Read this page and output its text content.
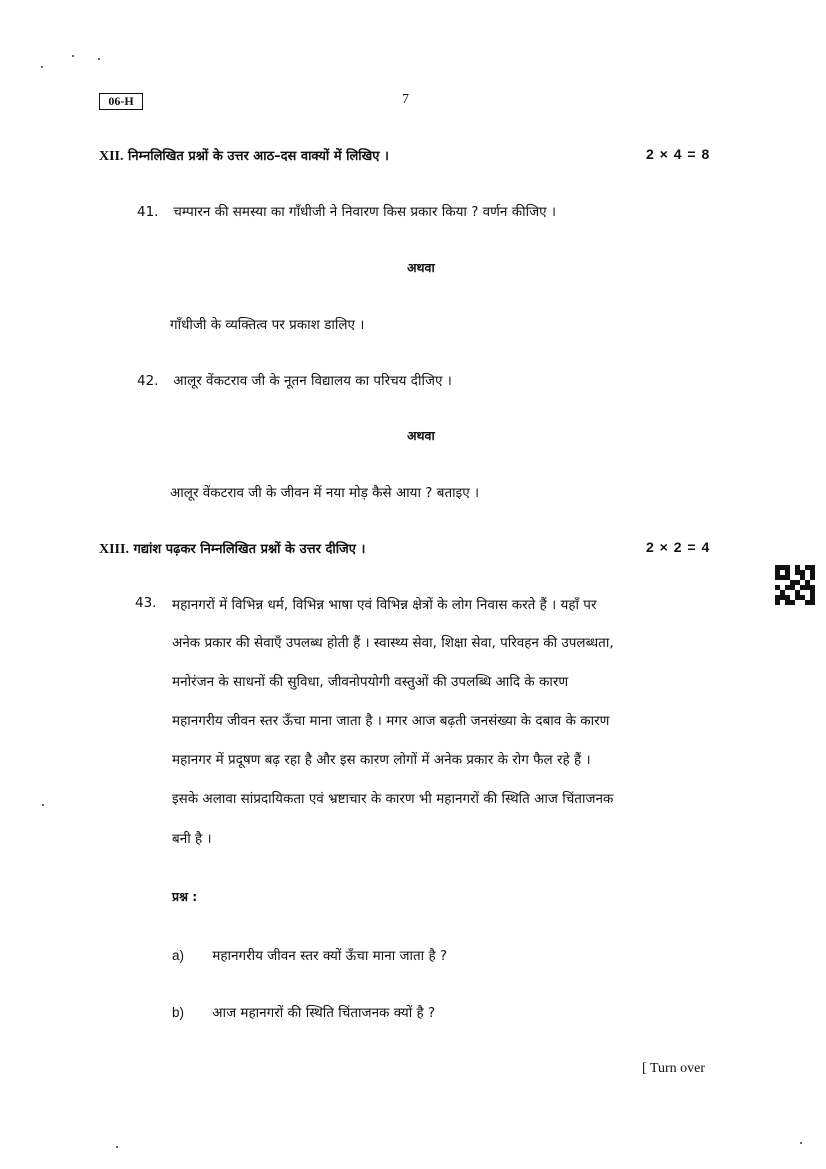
06-H	7
XII. निम्नलिखित प्रश्नों के उत्तर आठ–दस वाक्यों में लिखिए ।	2 × 4 = 8
41. चम्पारन की समस्या का गाँधीजी ने निवारण किस प्रकार किया ? वर्णन कीजिए ।
अथवा
गाँधीजी के व्यक्तित्व पर प्रकाश डालिए ।
42. आलूर वेंकटराव जी के नूतन विद्यालय का परिचय दीजिए ।
अथवा
आलूर वेंकटराव जी के जीवन में नया मोड़ कैसे आया ? बताइए ।
XIII. गद्यांश पढ़कर निम्नलिखित प्रश्नों के उत्तर दीजिए ।	2 × 2 = 4
43. महानगरों में विभिन्न धर्म, विभिन्न भाषा एवं विभिन्न क्षेत्रों के लोग निवास करते हैं । यहाँ पर
अनेक प्रकार की सेवाएँ उपलब्ध होती हैं । स्वास्थ्य सेवा, शिक्षा सेवा, परिवहन की उपलब्धता,
मनोरंजन के साधनों की सुविधा, जीवनोपयोगी वस्तुओं की उपलब्धि आदि के कारण
महानगरीय जीवन स्तर ऊँचा माना जाता है । मगर आज बढ़ती जनसंख्या के दबाव के कारण
महानगर में प्रदूषण बढ़ रहा है और इस कारण लोगों में अनेक प्रकार के रोग फैल रहे हैं ।
इसके अलावा सांप्रदायिकता एवं भ्रष्टाचार के कारण भी महानगरों की स्थिति आज चिंताजनक
बनी है ।
प्रश्न :
a) महानगरीय जीवन स्तर क्यों ऊँचा माना जाता है ?
b) आज महानगरों की स्थिति चिंताजनक क्यों है ?
[ Turn over
